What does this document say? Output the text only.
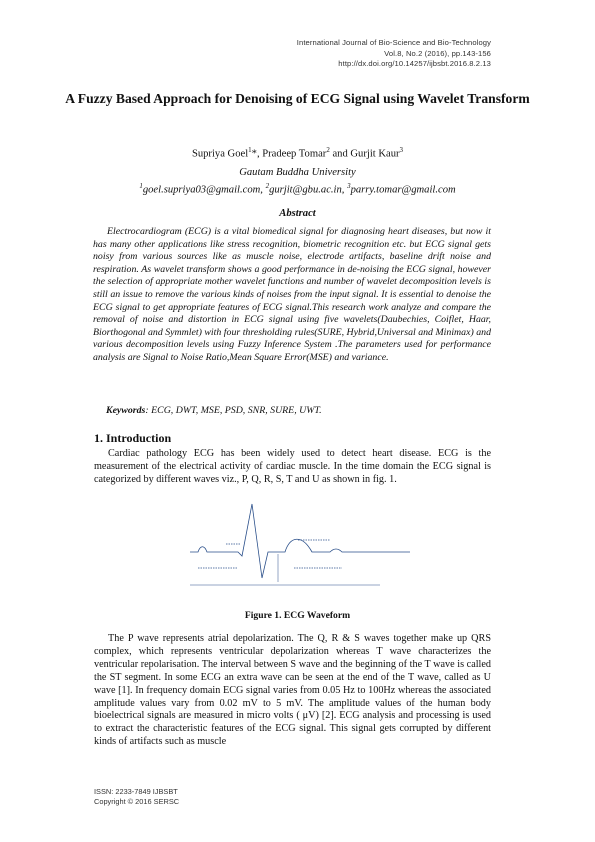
International Journal of Bio-Science and Bio-Technology
Vol.8, No.2 (2016), pp.143-156
http://dx.doi.org/10.14257/ijbsbt.2016.8.2.13
A Fuzzy Based Approach for Denoising of ECG Signal using Wavelet Transform
Supriya Goel$^1$*, Pradeep Tomar$^2$ and Gurjit Kaur$^3$
Gautam Buddha University
$^1$goel.supriya03@gmail.com, $^2$gurjit@gbu.ac.in, $^3$parry.tomar@gmail.com
Abstract
Electrocardiogram (ECG) is a vital biomedical signal for diagnosing heart diseases, but now it has many other applications like stress recognition, biometric recognition etc. but ECG signal gets noisy from various sources like as muscle noise, electrode artifacts, baseline drift noise and respiration. As wavelet transform shows a good performance in de-noising the ECG signal, however the selection of appropriate mother wavelet functions and number of wavelet decomposition levels is still an issue to remove the various kinds of noises from the input signal. It is essential to denoise the ECG signal to get appropriate features of ECG signal.This research work analyze and compare the removal of noise and distortion in ECG signal using five wavelets(Daubechies, Coiflet, Haar, Biorthogonal and Symmlet) with four thresholding rules(SURE, Hybrid,Universal and Minimax) and various decomposition levels using Fuzzy Inference System .The parameters used for performance analysis are Signal to Noise Ratio,Mean Square Error(MSE) and variance.
Keywords: ECG, DWT, MSE, PSD, SNR, SURE, UWT.
1. Introduction
Cardiac pathology ECG has been widely used to detect heart disease. ECG is the measurement of the electrical activity of cardiac muscle. In the time domain the ECG signal is categorized by different waves viz., P, Q, R, S, T and U as shown in fig. 1.
Figure 1. ECG Waveform
The P wave represents atrial depolarization. The Q, R & S waves together make up QRS complex, which represents ventricular depolarization whereas T wave characterizes the ventricular repolarisation. The interval between S wave and the beginning of the T wave is called the ST segment. In some ECG an extra wave can be seen at the end of the T wave, called as U wave [1]. In frequency domain ECG signal varies from 0.05 Hz to 100Hz whereas the associated amplitude values vary from 0.02 mV to 5 mV. The amplitude values of the human body bioelectrical signals are measured in micro volts ( μV) [2]. ECG analysis and processing is used to extract the characteristic features of the ECG signal. This signal gets corrupted by different kinds of artifacts such as muscle
ISSN: 2233-7849 IJBSBT
Copyright © 2016 SERSC
